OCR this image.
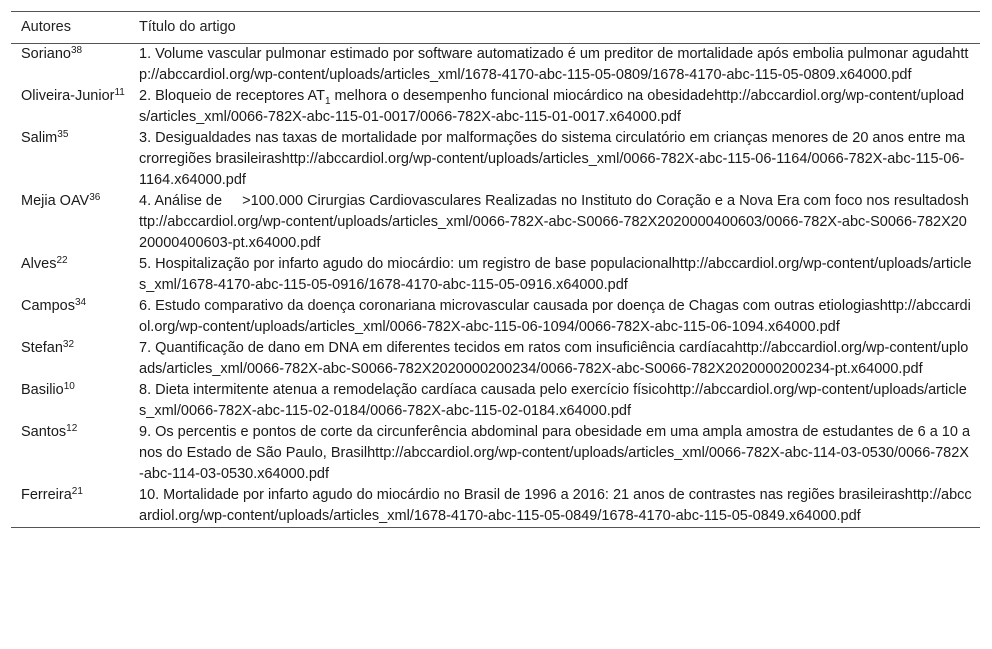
Autores	Título do artigo
Soriano$^{38}$	1. Volume vascular pulmonar estimado por software automatizado é um preditor de mortalidade após embolia pulmonar agudahttp://abccardiol.org/wp-content/uploads/articles_xml/1678-4170-abc-115-05-0809/1678-4170-abc-115-05-0809.x64000.pdf
Oliveira-Junior$^{11}$	2. Bloqueio de receptores $AT_1$ melhora o desempenho funcional miocárdico na obesidadehttp://abccardiol.org/wp-content/uploads/articles_xml/0066-782X-abc-115-01-0017/0066-782X-abc-115-01-0017.x64000.pdf
Salim$^{35}$	3. Desigualdades nas taxas de mortalidade por malformações do sistema circulatório em crianças menores de 20 anos entre macrorregiões brasileirashttp://abccardiol.org/wp-content/uploads/articles_xml/0066-782X-abc-115-06-1164/0066-782X-abc-115-06-1164.x64000.pdf
Mejia OAV$^{36}$	4. Análise de     >100.000 Cirurgias Cardiovasculares Realizadas no Instituto do Coração e a Nova Era com foco nos resultadoshttp://abccardiol.org/wp-content/uploads/articles_xml/0066-782X-abc-S0066-782X2020000400603/0066-782X-abc-S0066-782X2020000400603-pt.x64000.pdf
Alves$^{22}$	5. Hospitalização por infarto agudo do miocárdio: um registro de base populacionalhttp://abccardiol.org/wp-content/uploads/articles_xml/1678-4170-abc-115-05-0916/1678-4170-abc-115-05-0916.x64000.pdf
Campos$^{34}$	6. Estudo comparativo da doença coronariana microvascular causada por doença de Chagas com outras etiologiashttp://abccardiol.org/wp-content/uploads/articles_xml/0066-782X-abc-115-06-1094/0066-782X-abc-115-06-1094.x64000.pdf
Stefan$^{32}$	7. Quantificação de dano em DNA em diferentes tecidos em ratos com insuficiência cardíacahttp://abccardiol.org/wp-content/uploads/articles_xml/0066-782X-abc-S0066-782X2020000200234/0066-782X-abc-S0066-782X2020000200234-pt.x64000.pdf
Basilio$^{10}$	8. Dieta intermitente atenua a remodelação cardíaca causada pelo exercício físicohttp://abccardiol.org/wp-content/uploads/articles_xml/0066-782X-abc-115-02-0184/0066-782X-abc-115-02-0184.x64000.pdf
Santos$^{12}$	9. Os percentis e pontos de corte da circunferência abdominal para obesidade em uma ampla amostra de estudantes de 6 a 10 anos do Estado de São Paulo, Brasilhttp://abccardiol.org/wp-content/uploads/articles_xml/0066-782X-abc-114-03-0530/0066-782X-abc-114-03-0530.x64000.pdf
Ferreira$^{21}$	10. Mortalidade por infarto agudo do miocárdio no Brasil de 1996 a 2016: 21 anos de contrastes nas regiões brasileirashttp://abccardiol.org/wp-content/uploads/articles_xml/1678-4170-abc-115-05-0849/1678-4170-abc-115-05-0849.x64000.pdf
